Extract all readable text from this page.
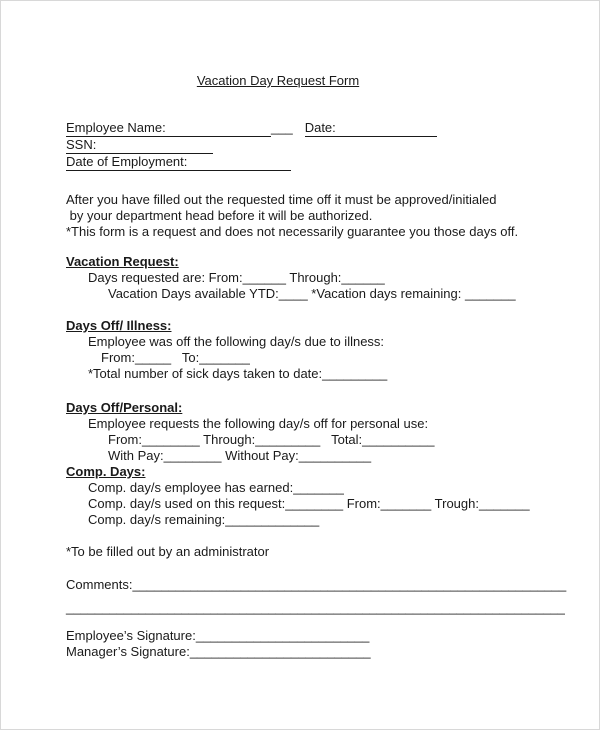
Vacation Day Request Form
Employee Name:	___ Date:
SSN:
Date of Employment:
After you have filled out the requested time off it must be approved/initialed
by your department head before it will be authorized.
*This form is a request and does not necessarily guarantee you those days off.
Vacation Request:
Days requested are: From:______ Through:______
Vacation Days available YTD:____ *Vacation days remaining: _______
Days Off/ Illness:
Employee was off the following day/s due to illness:
From:_____   To:_______
*Total number of sick days taken to date:_________
Days Off/Personal:
Employee requests the following day/s off for personal use:
From:________ Through:_________   Total:__________
With Pay:________ Without Pay:__________
Comp. Days:
Comp. day/s employee has earned:_______
Comp. day/s used on this request:________ From:_______ Trough:_______
Comp. day/s remaining:_____________
*To be filled out by an administrator
Comments:____________________________________________________________
_____________________________________________________________________
Employee’s Signature:________________________
Manager’s Signature:_________________________
